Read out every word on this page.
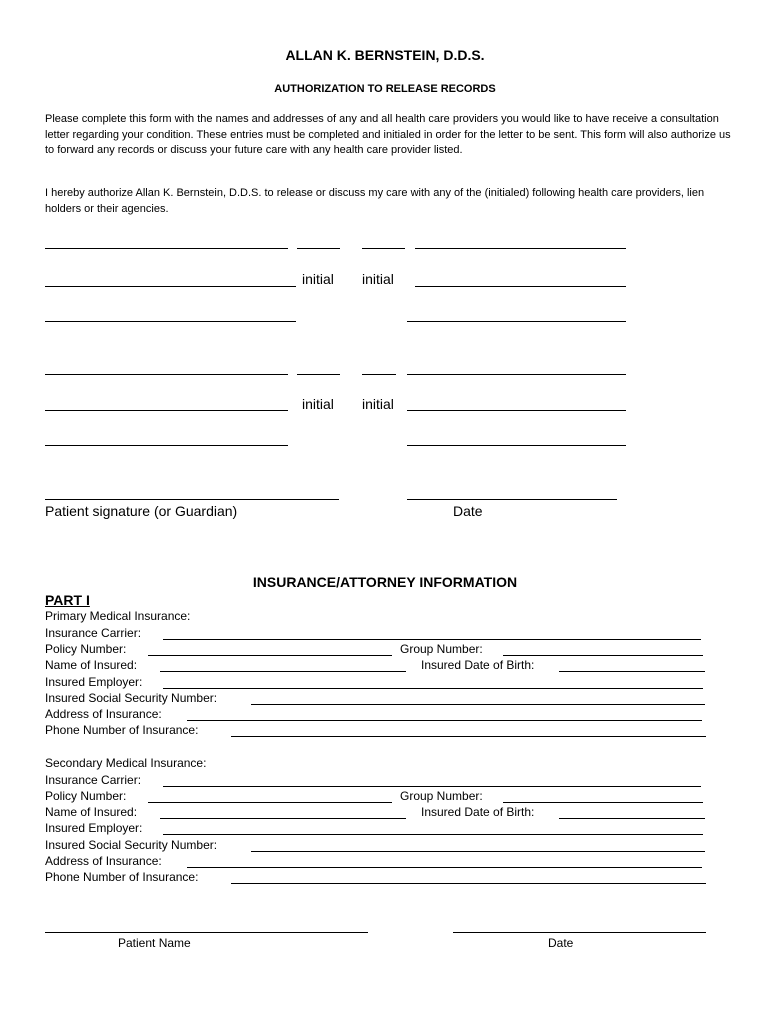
ALLAN K. BERNSTEIN, D.D.S.
AUTHORIZATION TO RELEASE RECORDS
Please complete this form with the names and addresses of any and all health care providers you would like to have receive a consultation letter regarding your condition. These entries must be completed and initialed in order for the letter to be sent. This form will also authorize us to forward any records or discuss your future care with any health care provider listed.
I hereby authorize Allan K. Bernstein, D.D.S. to release or discuss my care with any of the (initialed) following health care providers, lien holders or their agencies.
initial initial
initial initial
Patient signature (or Guardian)	Date
INSURANCE/ATTORNEY INFORMATION
PART I
Primary Medical Insurance:
Insurance Carrier:
Policy Number:	Group Number:
Name of Insured:	Insured Date of Birth:
Insured Employer:
Insured Social Security Number:
Address of Insurance:
Phone Number of Insurance:
Secondary Medical Insurance:
Insurance Carrier:
Policy Number:	Group Number:
Name of Insured:	Insured Date of Birth:
Insured Employer:
Insured Social Security Number:
Address of Insurance:
Phone Number of Insurance:
Patient Name	Date
